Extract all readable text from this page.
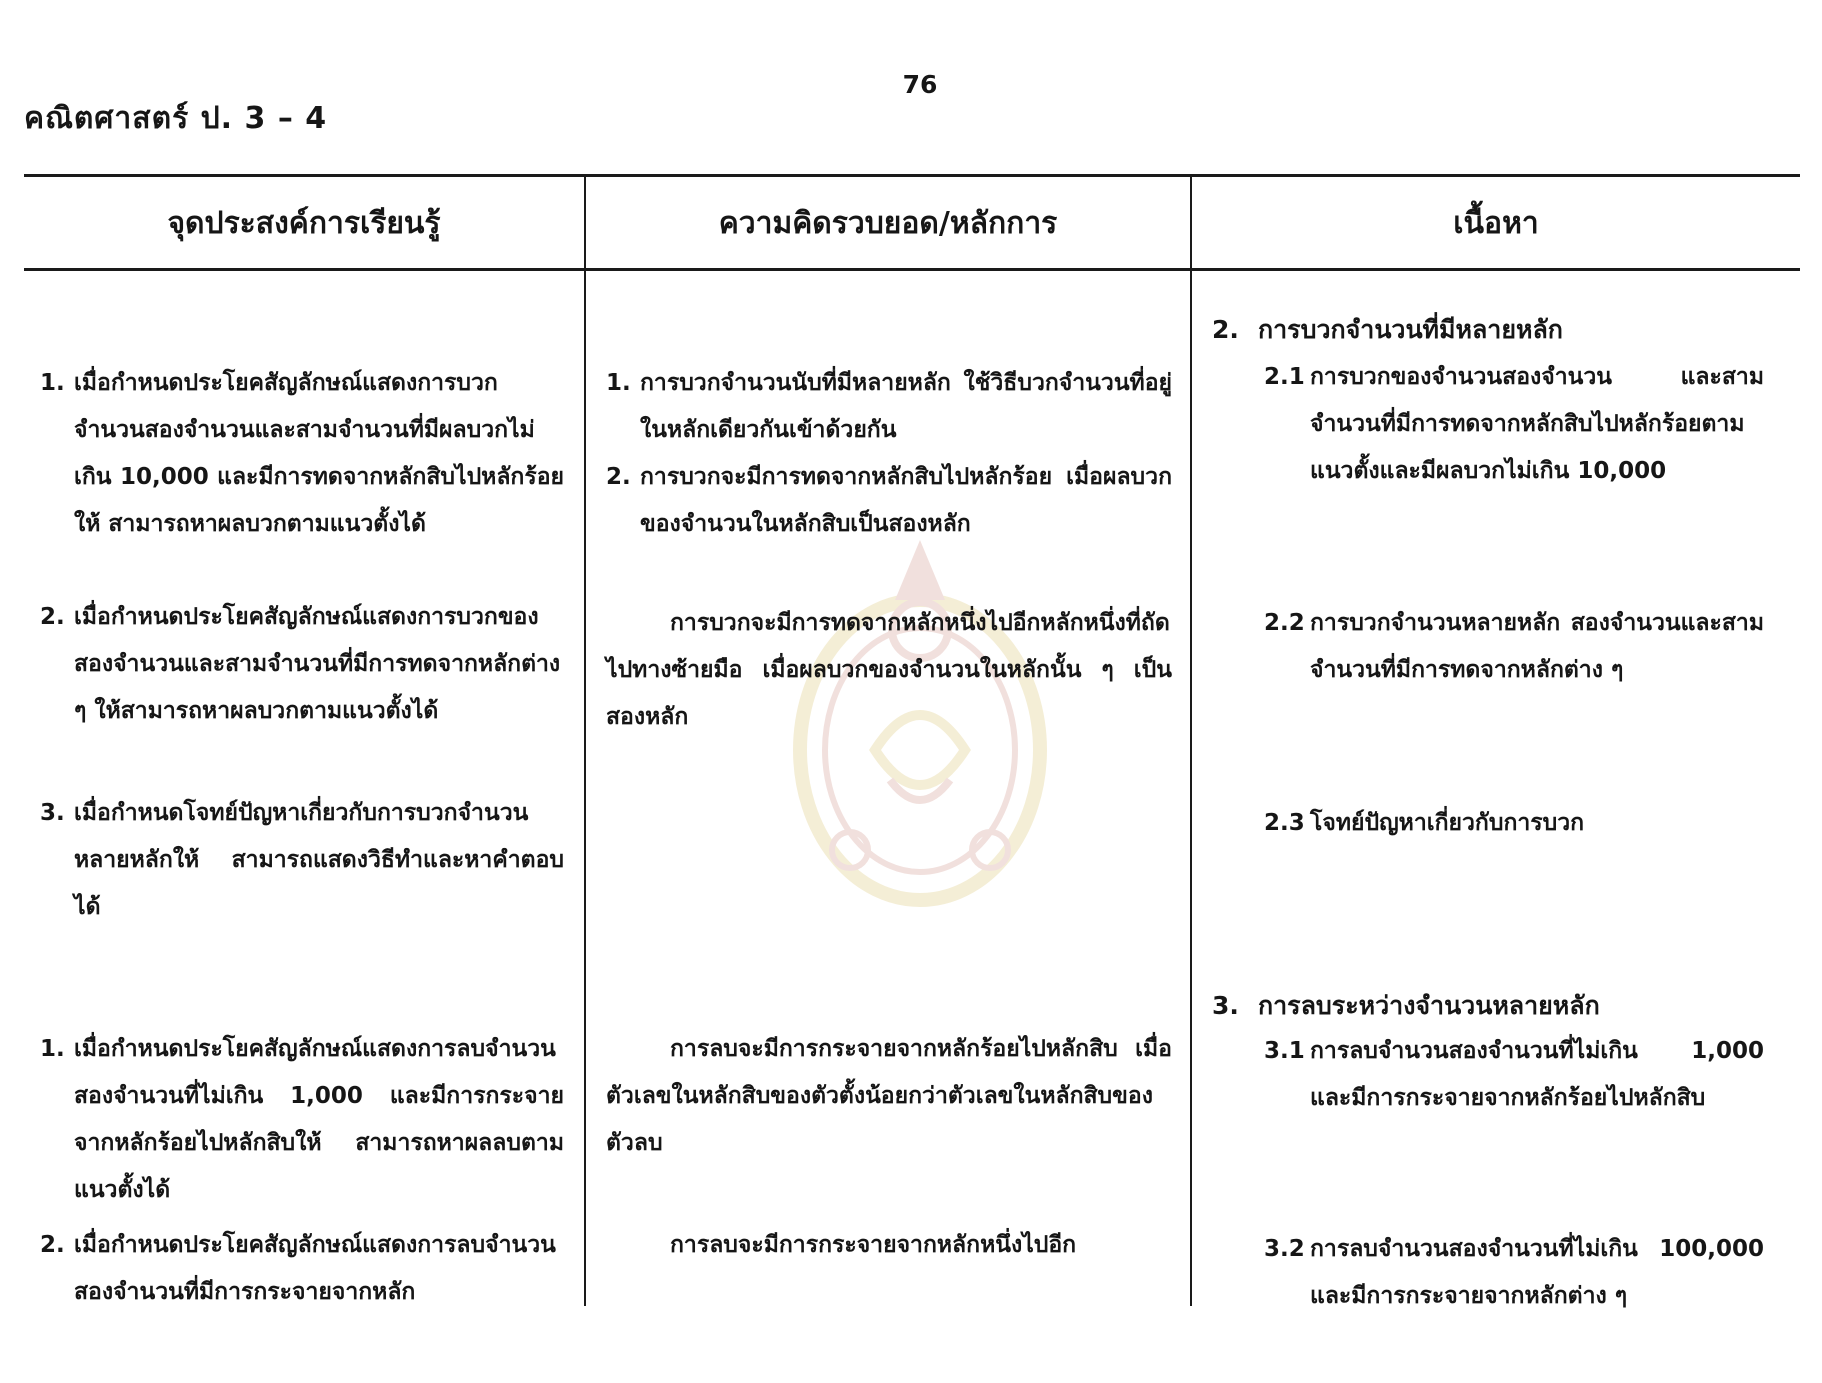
76
คณิตศาสตร์ ป. 3 – 4
จุดประสงค์การเรียนรู้	ความคิดรวบยอด/หลักการ	เนื้อหา
1. เมื่อกำหนดประโยคสัญลักษณ์แสดงการบวกจำนวนสองจำนวนและสามจำนวนที่มีผลบวกไม่เกิน 10,000 และมีการทดจากหลักสิบไปหลักร้อยให้ สามารถหาผลบวกตามแนวตั้งได้
2. เมื่อกำหนดประโยคสัญลักษณ์แสดงการบวกของสองจำนวนและสามจำนวนที่มีการทดจากหลักต่าง ๆ ให้สามารถหาผลบวกตามแนวตั้งได้
3. เมื่อกำหนดโจทย์ปัญหาเกี่ยวกับการบวกจำนวนหลายหลักให้ สามารถแสดงวิธีทำและหาคำตอบได้
1. เมื่อกำหนดประโยคสัญลักษณ์แสดงการลบจำนวนสองจำนวนที่ไม่เกิน 1,000 และมีการกระจายจากหลักร้อยไปหลักสิบให้ สามารถหาผลลบตามแนวตั้งได้
2. เมื่อกำหนดประโยคสัญลักษณ์แสดงการลบจำนวนสองจำนวนที่มีการกระจายจากหลัก
1. การบวกจำนวนนับที่มีหลายหลัก ใช้วิธีบวกจำนวนที่อยู่ในหลักเดียวกันเข้าด้วยกัน
2. การบวกจะมีการทดจากหลักสิบไปหลักร้อย เมื่อผลบวกของจำนวนในหลักสิบเป็นสองหลัก
การบวกจะมีการทดจากหลักหนึ่งไปอีกหลักหนึ่งที่ถัดไปทางซ้ายมือ เมื่อผลบวกของจำนวนในหลักนั้น ๆ เป็นสองหลัก
การลบจะมีการกระจายจากหลักร้อยไปหลักสิบ เมื่อตัวเลขในหลักสิบของตัวตั้งน้อยกว่าตัวเลขในหลักสิบของตัวลบ
การลบจะมีการกระจายจากหลักหนึ่งไปอีก
2. การบวกจำนวนที่มีหลายหลัก
2.1 การบวกของจำนวนสองจำนวน และสามจำนวนที่มีการทดจากหลักสิบไปหลักร้อยตามแนวตั้งและมีผลบวกไม่เกิน 10,000
2.2 การบวกจำนวนหลายหลัก สองจำนวนและสามจำนวนที่มีการทดจากหลักต่าง ๆ
2.3 โจทย์ปัญหาเกี่ยวกับการบวก
3. การลบระหว่างจำนวนหลายหลัก
3.1 การลบจำนวนสองจำนวนที่ไม่เกิน 1,000 และมีการกระจายจากหลักร้อยไปหลักสิบ
3.2 การลบจำนวนสองจำนวนที่ไม่เกิน 100,000 และมีการกระจายจากหลักต่าง ๆ
